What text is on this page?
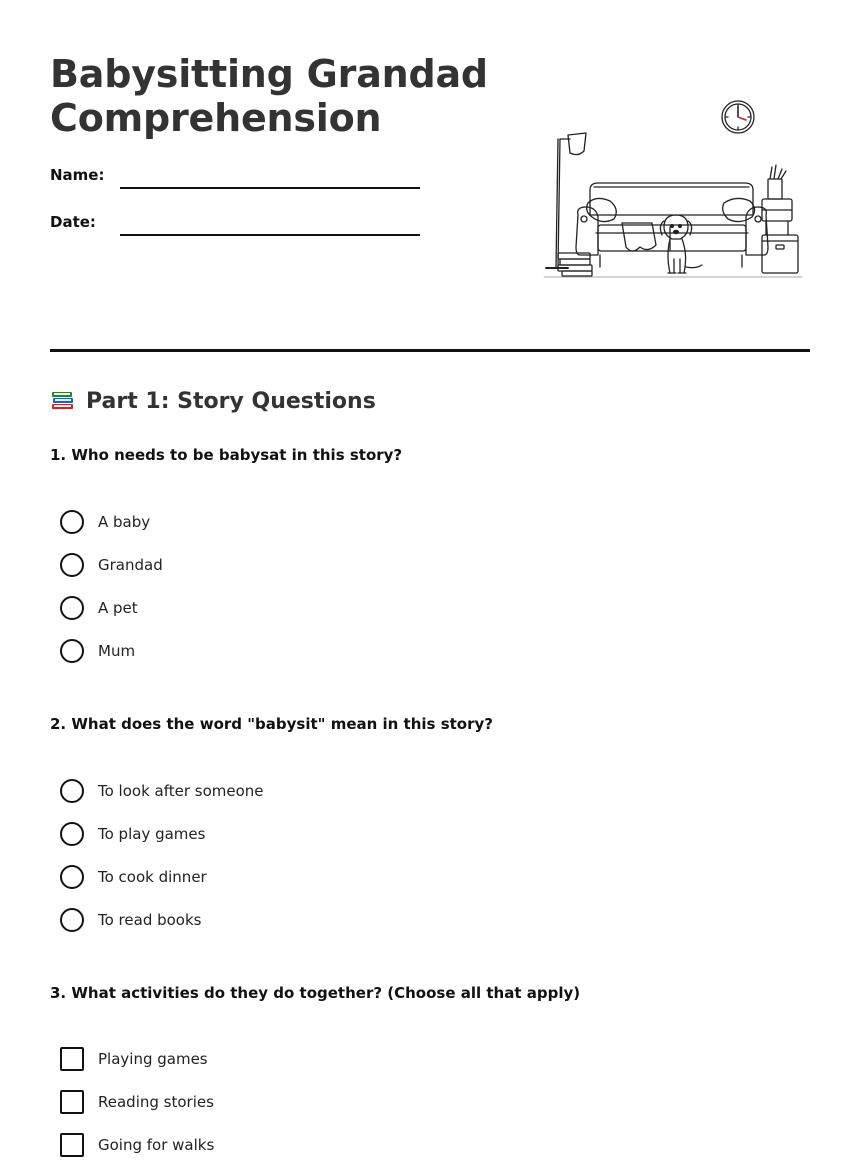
Babysitting Grandad
Comprehension
Name:
Date:
Part 1: Story Questions
1. Who needs to be babysat in this story?
A baby
Grandad
A pet
Mum
2. What does the word "babysit" mean in this story?
To look after someone
To play games
To cook dinner
To read books
3. What activities do they do together? (Choose all that apply)
Playing games
Reading stories
Going for walks
